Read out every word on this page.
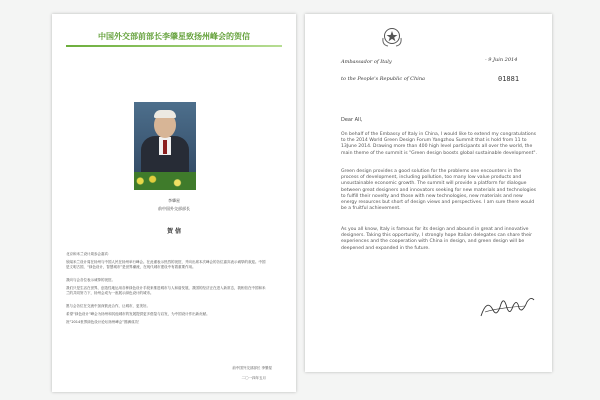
中国外交部前部长李肇星致扬州峰会的贺信
李肇星
前中国外交部部长
贺 信
北京和米兰设计周参会嘉宾：
欣闻米兰设计周在扬州与中国人民在扬州举行峰会。在此谨表示热烈的祝贺，并向出席本次峰会的各位嘉宾表示诚挚的欢迎。中国是文明古国，“绿色设计，智慧城市”是世界潮流，在现代城市建设中有着重要作用。
我向与会各位表示诚挚的祝贺。
我们只是生活在世界，创造性地运用各种绿色设计手段来推进城市与人和谐发展，我国的经济正在进入新常态，我相信在中国和米兰的共同努力下，扬州会成为一座展示绿色设计的城市。
愿与会各位在交流中加深彼此合作，让城市，更美好。
希望“绿色设计”峰会为扬州和其他城市的发展提供更多借鉴与启发，为中国设计作出新贡献。
祝“2014世界绿色设计论坛扬州峰会”圆满成功！
前中国外交部部长 李肇星
二〇一四年五月
Ambassador of Italy
to the People's Republic of China
- 9 Juin 2014
01881
Dear All,
On behalf of the Embassy of Italy in China, I would like to extend my congratulations
to the 2014 World Green Design Forum Yangzhou Summit that is hold from 11 to
13June 2014. Drawing more than 400 high level participants all over the world, the
main theme of the summit is "Green design boosts global sustainable development".
Green design provides a good solution for the problems one encounters in the
process of development, including pollution, too many low value products and
unsustainable economic growth. The summit will provide a platform for dialogue
between great designers and innovators seeking for new materials and technologies
to fulfill their novelty and those with new technologies, new materials and new
energy resources but short of design views and perspectives. I am sure there would
be a fruitful achievement.
As you all know, Italy is famous for its design and abound in great and innovative
designers. Taking this opportunity, I strongly hope Italian delegates can share their
experiences and the cooperation with China in design, and green design will be
deepened and expanded in the future.
